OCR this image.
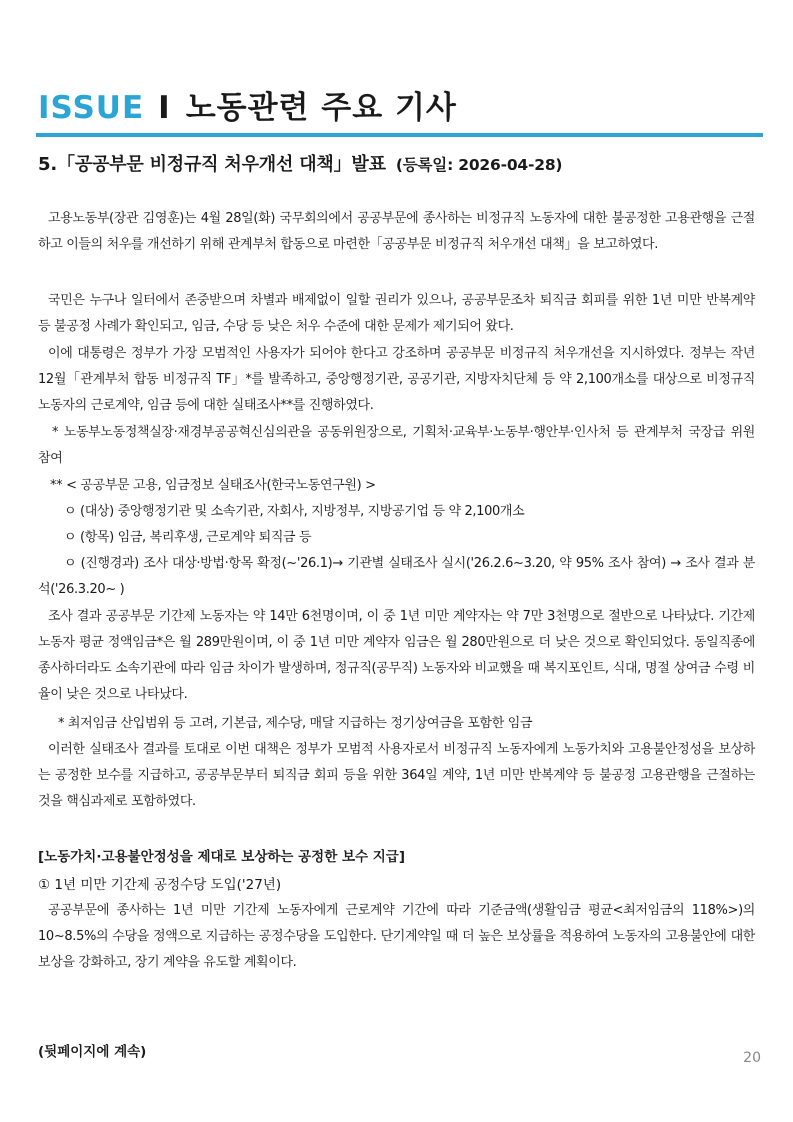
ISSUE I 노동관련 주요 기사
5.「공공부문 비정규직 처우개선 대책」발표 (등록일: 2026-04-28)

고용노동부(장관 김영훈)는 4월 28일(화) 국무회의에서 공공부문에 종사하는 비정규직 노동자에 대한 불공정한 고용관행을 근절하고 이들의 처우를 개선하기 위해 관계부처 합동으로 마련한「공공부문 비정규직 처우개선 대책」을 보고하였다.

국민은 누구나 일터에서 존중받으며 차별과 배제없이 일할 권리가 있으나, 공공부문조차 퇴직금 회피를 위한 1년 미만 반복계약 등 불공정 사례가 확인되고, 임금, 수당 등 낮은 처우 수준에 대한 문제가 제기되어 왔다.

이에 대통령은 정부가 가장 모범적인 사용자가 되어야 한다고 강조하며 공공부문 비정규직 처우개선을 지시하였다. 정부는 작년 12월「관계부처 합동 비정규직 TF」*를 발족하고, 중앙행정기관, 공공기관, 지방자치단체 등 약 2,100개소를 대상으로 비정규직 노동자의 근로계약, 임금 등에 대한 실태조사**를 진행하였다.

* 노동부노동정책실장·재경부공공혁신심의관을 공동위원장으로, 기획처·교육부·노동부·행안부·인사처 등 관계부처 국장급 위원 참여

** < 공공부문 고용, 임금정보 실태조사(한국노동연구원) >

ㅇ (대상) 중앙행정기관 및 소속기관, 자회사, 지방정부, 지방공기업 등 약 2,100개소

ㅇ (항목) 임금, 복리후생, 근로계약 퇴직금 등

ㅇ (진행경과) 조사 대상·방법·항목 확정(~'26.1)→ 기관별 실태조사 실시('26.2.6~3.20, 약 95% 조사 참여) → 조사 결과 분석('26.3.20~ )

조사 결과 공공부문 기간제 노동자는 약 14만 6천명이며, 이 중 1년 미만 계약자는 약 7만 3천명으로 절반으로 나타났다. 기간제 노동자 평균 정액임금*은 월 289만원이며, 이 중 1년 미만 계약자 임금은 월 280만원으로 더 낮은 것으로 확인되었다. 동일직종에 종사하더라도 소속기관에 따라 임금 차이가 발생하며, 정규직(공무직) 노동자와 비교했을 때 복지포인트, 식대, 명절 상여금 수령 비율이 낮은 것으로 나타났다.

* 최저임금 산입범위 등 고려, 기본급, 제수당, 매달 지급하는 정기상여금을 포함한 임금

이러한 실태조사 결과를 토대로 이번 대책은 정부가 모범적 사용자로서 비정규직 노동자에게 노동가치와 고용불안정성을 보상하는 공정한 보수를 지급하고, 공공부문부터 퇴직금 회피 등을 위한 364일 계약, 1년 미만 반복계약 등 불공정 고용관행을 근절하는 것을 핵심과제로 포함하였다.

[노동가치·고용불안정성을 제대로 보상하는 공정한 보수 지급]
① 1년 미만 기간제 공정수당 도입('27년)

공공부문에 종사하는 1년 미만 기간제 노동자에게 근로계약 기간에 따라 기준금액(생활임금 평균<최저임금의 118%>)의 10~8.5%의 수당을 정액으로 지급하는 공정수당을 도입한다. 단기계약일 때 더 높은 보상률을 적용하여 노동자의 고용불안에 대한 보상을 강화하고, 장기 계약을 유도할 계획이다.

(뒷페이지에 계속)	20
